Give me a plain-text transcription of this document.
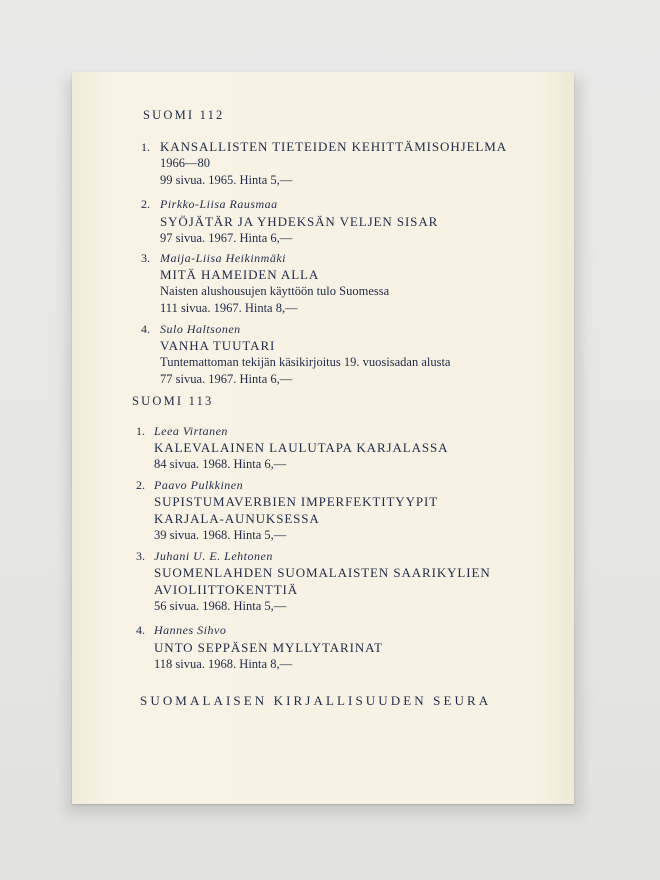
SUOMI 112
1. KANSALLISTEN TIETEIDEN KEHITTÄMISOHJELMA
1966—80
99 sivua. 1965. Hinta 5,—
2. Pirkko-Liisa Rausmaa
SYÖJÄTÄR JA YHDEKSÄN VELJEN SISAR
97 sivua. 1967. Hinta 6,—
3. Maija-Liisa Heikinmäki
MITÄ HAMEIDEN ALLA
Naisten alushousujen käyttöön tulo Suomessa
111 sivua. 1967. Hinta 8,—
4. Sulo Haltsonen
VANHA TUUTARI
Tuntemattoman tekijän käsikirjoitus 19. vuosisadan alusta
77 sivua. 1967. Hinta 6,—
SUOMI 113
1. Leea Virtanen
KALEVALAINEN LAULUTAPA KARJALASSA
84 sivua. 1968. Hinta 6,—
2. Paavo Pulkkinen
SUPISTUMAVERBIEN IMPERFEKTITYYPIT
KARJALA-AUNUKSESSA
39 sivua. 1968. Hinta 5,—
3. Juhani U. E. Lehtonen
SUOMENLAHDEN SUOMALAISTEN SAARIKYLIEN
AVIOLIITTOKENTTIÄ
56 sivua. 1968. Hinta 5,—
4. Hannes Sihvo
UNTO SEPPÄSEN MYLLYTARINAT
118 sivua. 1968. Hinta 8,—
SUOMALAISEN KIRJALLISUUDEN SEURA
